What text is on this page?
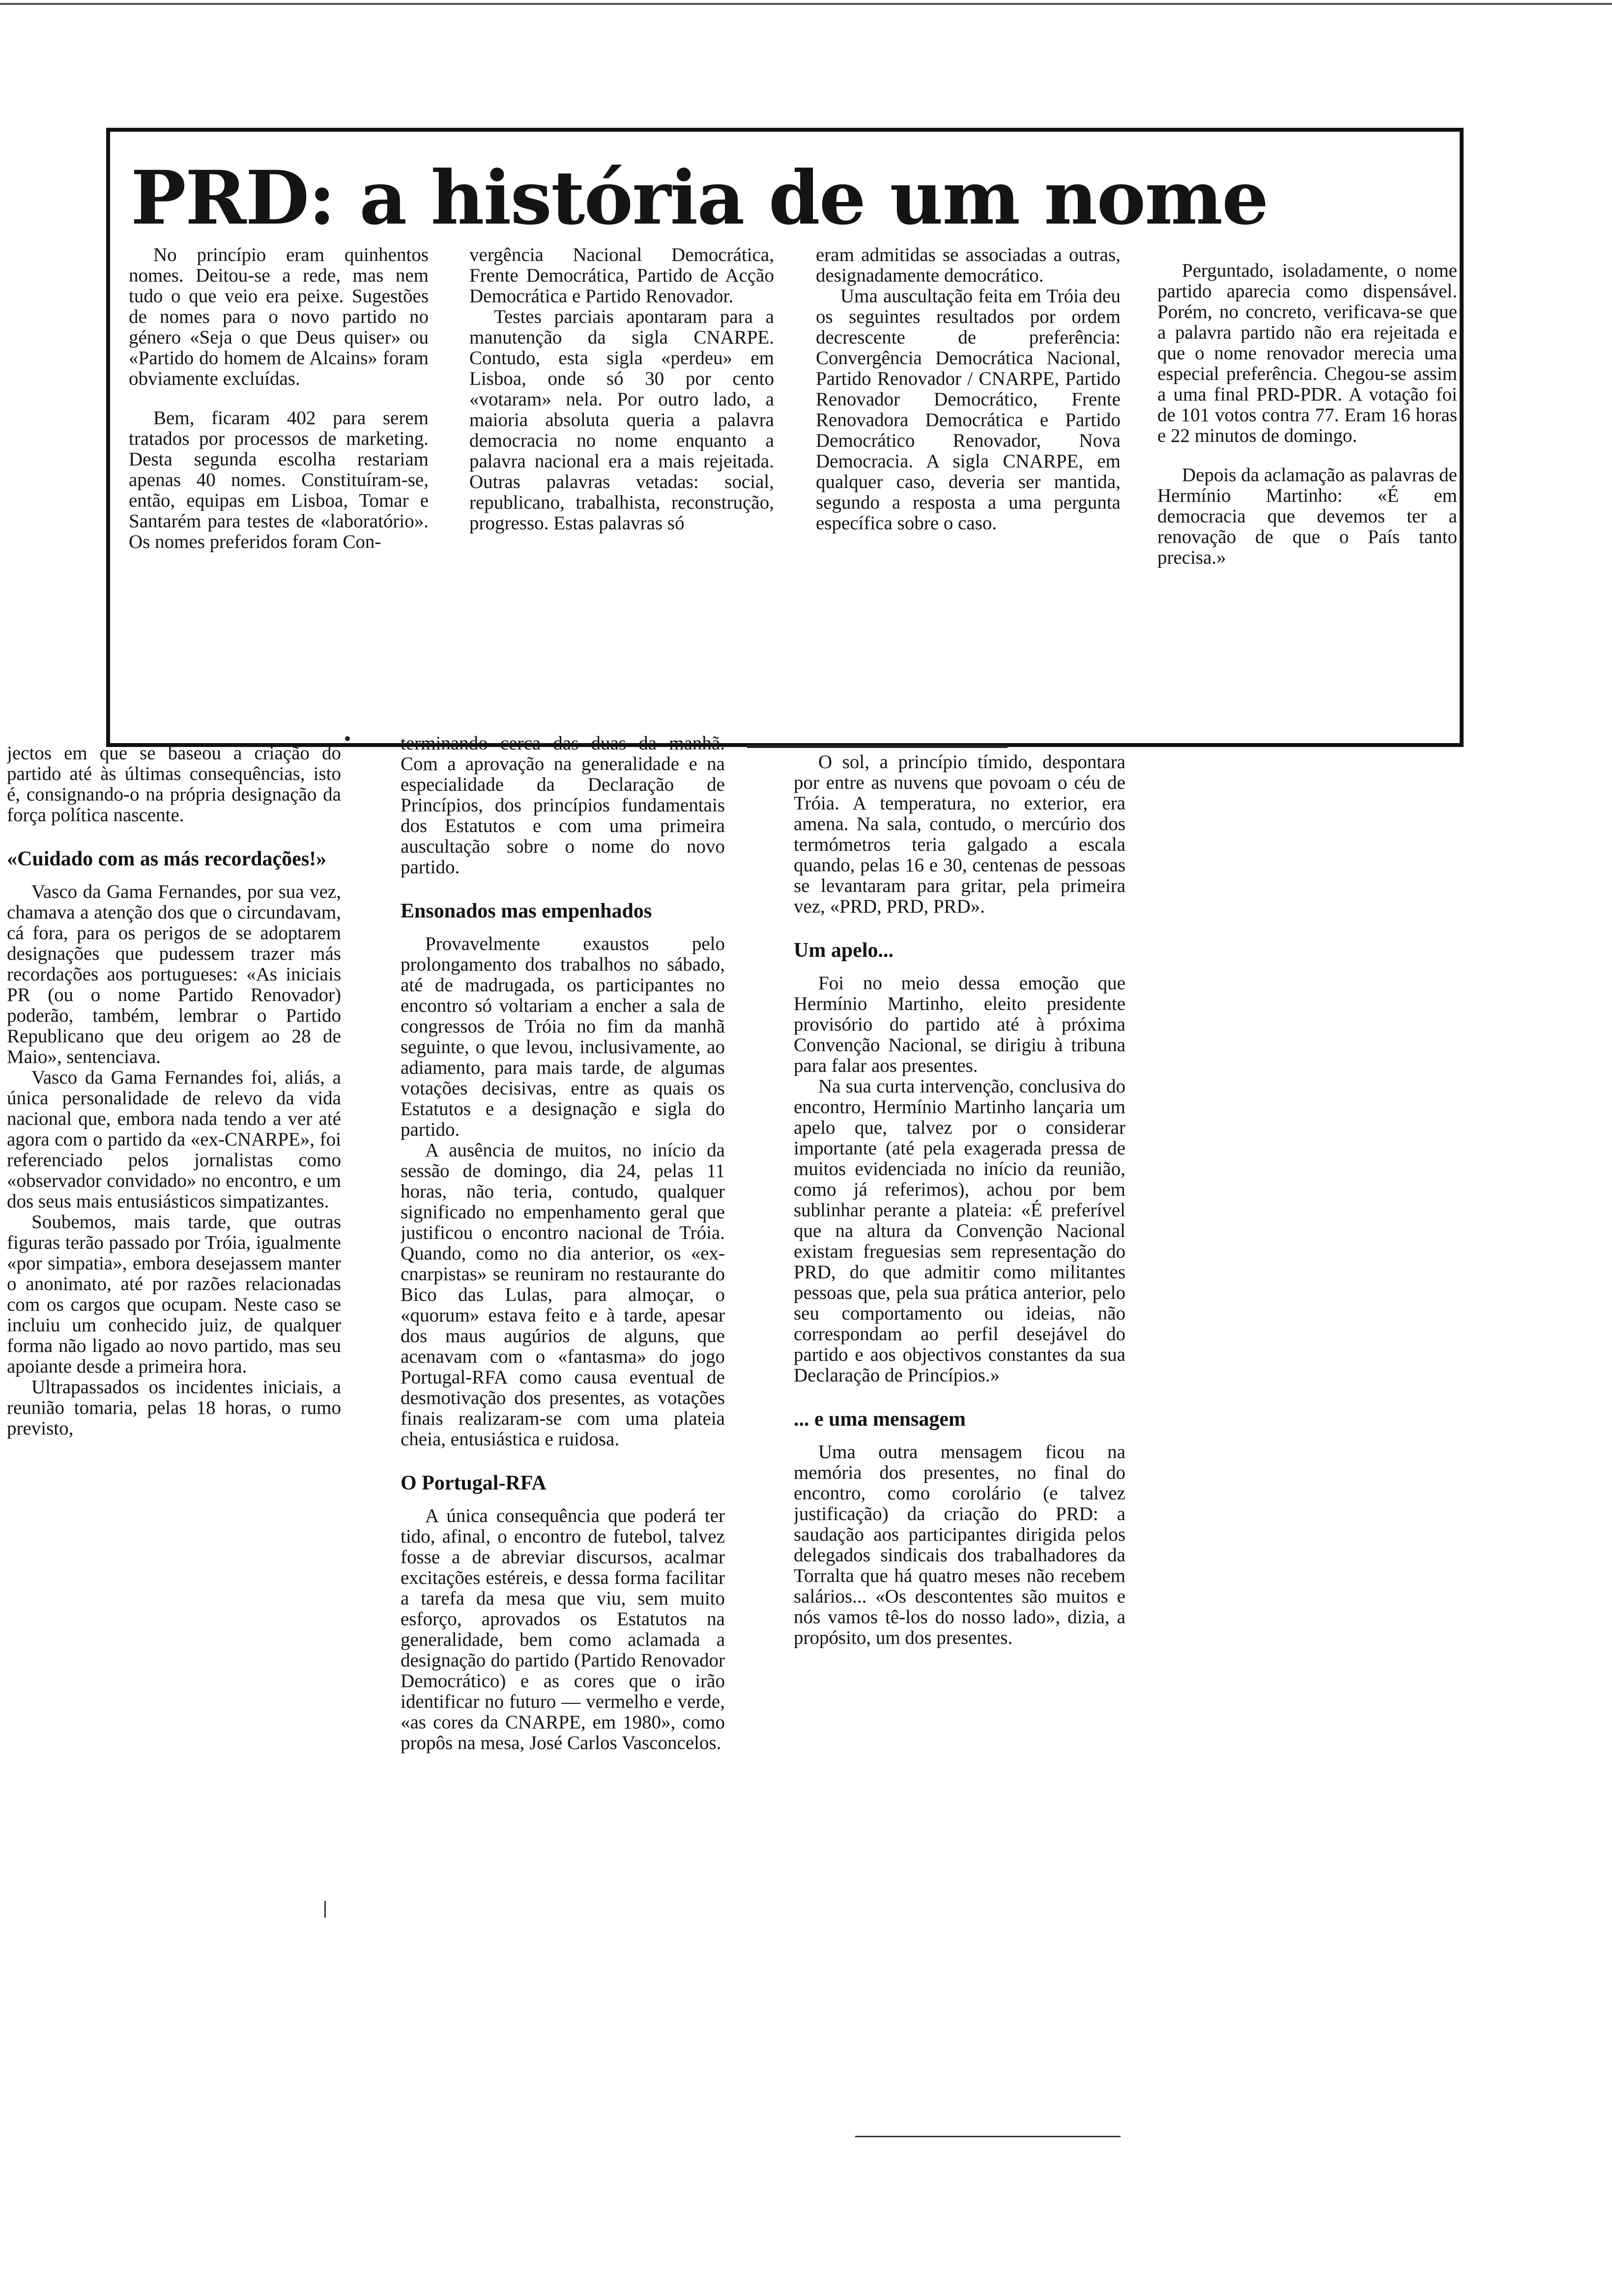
PRD: a história de um nome

No princípio eram quinhentos nomes. Deitou-se a rede, mas nem tudo o que veio era peixe. Sugestões de nomes para o novo partido no género «Seja o que Deus quiser» ou «Partido do homem de Alcains» foram obviamente excluídas.

Bem, ficaram 402 para serem tratados por processos de marketing. Desta segunda escolha restariam apenas 40 nomes. Constituíram-se, então, equipas em Lisboa, Tomar e Santarém para testes de «laboratório». Os nomes preferidos foram Con-

vergência Nacional Democrática, Frente Democrática, Partido de Acção Democrática e Partido Renovador.

Testes parciais apontaram para a manutenção da sigla CNARPE. Contudo, esta sigla «perdeu» em Lisboa, onde só 30 por cento «votaram» nela. Por outro lado, a maioria absoluta queria a palavra democracia no nome enquanto a palavra nacional era a mais rejeitada. Outras palavras vetadas: social, republicano, trabalhista, reconstrução, progresso. Estas palavras só

eram admitidas se associadas a outras, designadamente democrático.

Uma auscultação feita em Tróia deu os seguintes resultados por ordem decrescente de preferência: Convergência Democrática Nacional, Partido Renovador / CNARPE, Partido Renovador Democrático, Frente Renovadora Democrática e Partido Democrático Renovador, Nova Democracia. A sigla CNARPE, em qualquer caso, deveria ser mantida, segundo a resposta a uma pergunta específica sobre o caso.

Perguntado, isoladamente, o nome partido aparecia como dispensável. Porém, no concreto, verificava-se que a palavra partido não era rejeitada e que o nome renovador merecia uma especial preferência. Chegou-se assim a uma final PRD-PDR. A votação foi de 101 votos contra 77. Eram 16 horas e 22 minutos de domingo.

Depois da aclamação as palavras de Hermínio Martinho: «É em democracia que devemos ter a renovação de que o País tanto precisa.»

jectos em que se baseou a criação do partido até às últimas consequências, isto é, consignando-o na própria designação da força política nascente.

«Cuidado com as más recordações!»

Vasco da Gama Fernandes, por sua vez, chamava a atenção dos que o circundavam, cá fora, para os perigos de se adoptarem designações que pudessem trazer más recordações aos portugueses: «As iniciais PR (ou o nome Partido Renovador) poderão, também, lembrar o Partido Republicano que deu origem ao 28 de Maio», sentenciava.

Vasco da Gama Fernandes foi, aliás, a única personalidade de relevo da vida nacional que, embora nada tendo a ver até agora com o partido da «ex-CNARPE», foi referenciado pelos jornalistas como «observador convidado» no encontro, e um dos seus mais entusiásticos simpatizantes.

Soubemos, mais tarde, que outras figuras terão passado por Tróia, igualmente «por simpatia», embora desejassem manter o anonimato, até por razões relacionadas com os cargos que ocupam. Neste caso se incluiu um conhecido juiz, de qualquer forma não ligado ao novo partido, mas seu apoiante desde a primeira hora.

Ultrapassados os incidentes iniciais, a reunião tomaria, pelas 18 horas, o rumo previsto,

terminando cerca das duas da manhã. Com a aprovação na generalidade e na especialidade da Declaração de Princípios, dos princípios fundamentais dos Estatutos e com uma primeira auscultação sobre o nome do novo partido.

Ensonados mas empenhados

Provavelmente exaustos pelo prolongamento dos trabalhos no sábado, até de madrugada, os participantes no encontro só voltariam a encher a sala de congressos de Tróia no fim da manhã seguinte, o que levou, inclusivamente, ao adiamento, para mais tarde, de algumas votações decisivas, entre as quais os Estatutos e a designação e sigla do partido.

A ausência de muitos, no início da sessão de domingo, dia 24, pelas 11 horas, não teria, contudo, qualquer significado no empenhamento geral que justificou o encontro nacional de Tróia. Quando, como no dia anterior, os «ex-cnarpistas» se reuniram no restaurante do Bico das Lulas, para almoçar, o «quorum» estava feito e à tarde, apesar dos maus augúrios de alguns, que acenavam com o «fantasma» do jogo Portugal-RFA como causa eventual de desmotivação dos presentes, as votações finais realizaram-se com uma plateia cheia, entusiástica e ruidosa.

O Portugal-RFA

A única consequência que poderá ter tido, afinal, o encontro de futebol, talvez fosse a de abreviar discursos, acalmar excitações estéreis, e dessa forma facilitar a tarefa da mesa que viu, sem muito esforço, aprovados os Estatutos na generalidade, bem como aclamada a designação do partido (Partido Renovador Democrático) e as cores que o irão identificar no futuro — vermelho e verde, «as cores da CNARPE, em 1980», como propôs na mesa, José Carlos Vasconcelos.

O sol, a princípio tímido, despontara por entre as nuvens que povoam o céu de Tróia. A temperatura, no exterior, era amena. Na sala, contudo, o mercúrio dos termómetros teria galgado a escala quando, pelas 16 e 30, centenas de pessoas se levantaram para gritar, pela primeira vez, «PRD, PRD, PRD».

Um apelo...

Foi no meio dessa emoção que Hermínio Martinho, eleito presidente provisório do partido até à próxima Convenção Nacional, se dirigiu à tribuna para falar aos presentes.

Na sua curta intervenção, conclusiva do encontro, Hermínio Martinho lançaria um apelo que, talvez por o considerar importante (até pela exagerada pressa de muitos evidenciada no início da reunião, como já referimos), achou por bem sublinhar perante a plateia: «É preferível que na altura da Convenção Nacional existam freguesias sem representação do PRD, do que admitir como militantes pessoas que, pela sua prática anterior, pelo seu comportamento ou ideias, não correspondam ao perfil desejável do partido e aos objectivos constantes da sua Declaração de Princípios.»

... e uma mensagem

Uma outra mensagem ficou na memória dos presentes, no final do encontro, como corolário (e talvez justificação) da criação do PRD: a saudação aos participantes dirigida pelos delegados sindicais dos trabalhadores da Torralta que há quatro meses não recebem salários... «Os descontentes são muitos e nós vamos tê-los do nosso lado», dizia, a propósito, um dos presentes.
